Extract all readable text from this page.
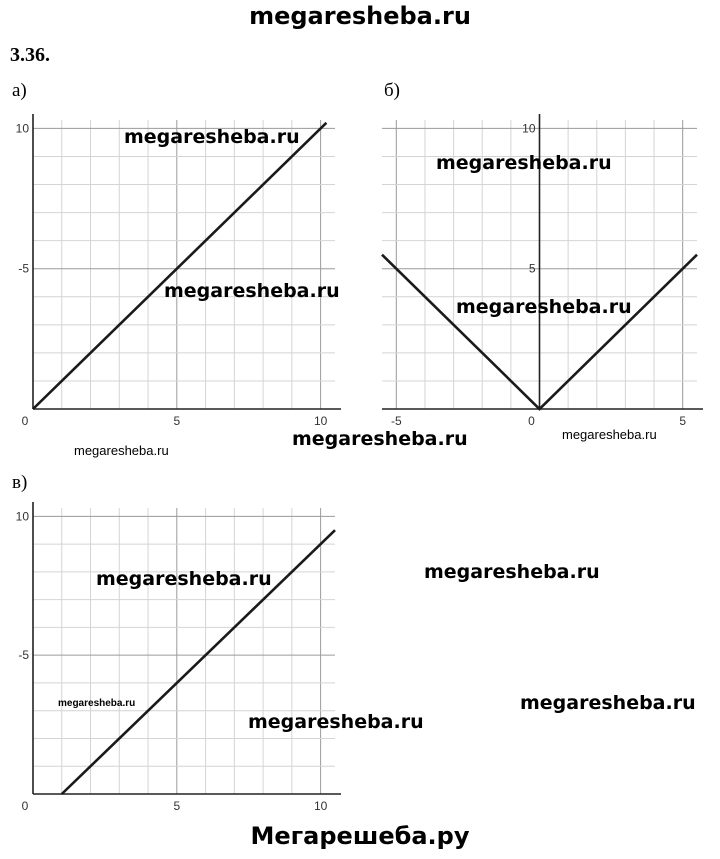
megaresheba.ru
3.36.
а)	б)
в)
0	5	10
-5
10
-5	0	5
5
10
0	5	10
-5
10
megaresheba.ru
megaresheba.ru
megaresheba.ru
megaresheba.ru
megaresheba.ru
megaresheba.ru
megaresheba.ru
megaresheba.ru	megaresheba.ru
megaresheba.ru
megaresheba.ru
megaresheba.ru
Мегарешеба.ру
